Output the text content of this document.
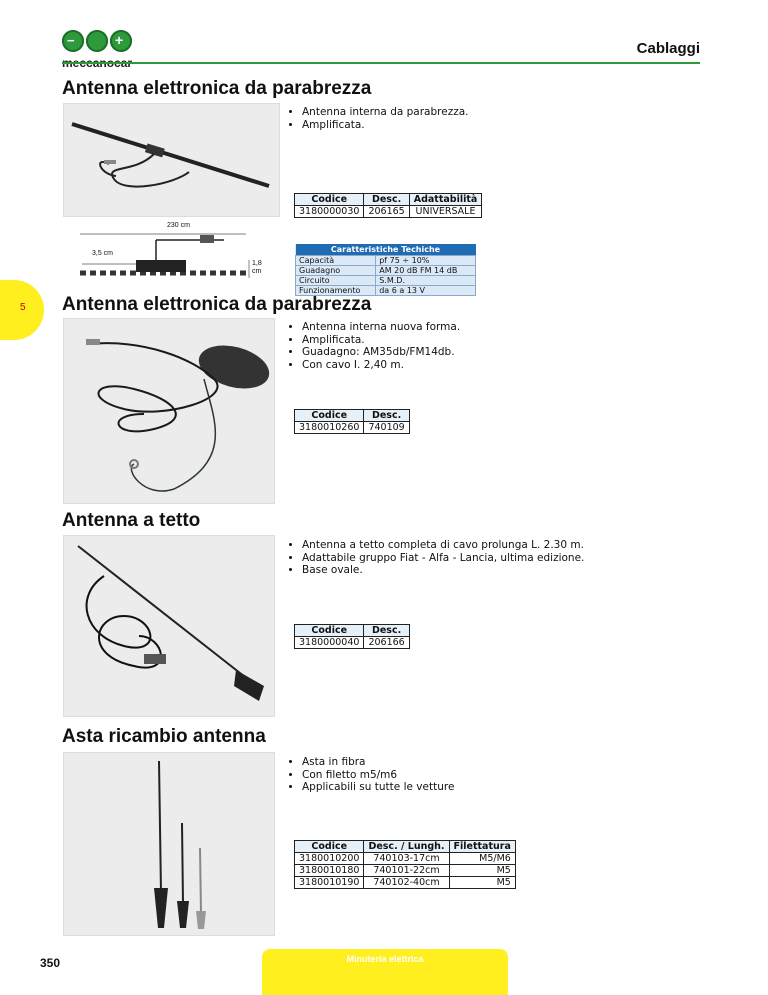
−	+	Cablaggi
5
Antenna elettronica da parabrezza
• Antenna interna da parabrezza.
• Amplificata.
Codice	Desc.	Adattabilità
3180000030	206165	UNIVERSALE
230 cm
3,5 cm
1,8
cm
Caratteristiche Techiche	
Capacità	pf 75 ÷ 10%
Guadagno	AM 20 dB FM 14 dB
Circuito	S.M.D.
Funzionamento	da 6 a 13 V
Antenna elettronica da parabrezza
• Antenna interna nuova forma.
• Amplificata.
• Guadagno: AM35db/FM14db.
• Con cavo I. 2,40 m.
Codice	Desc.
3180010260	740109
Antenna a tetto
• Antenna a tetto completa di cavo prolunga L. 2.30 m.
• Adattabile gruppo Fiat - Alfa - Lancia, ultima edizione.
• Base ovale.
Codice	Desc.
3180000040	206166
Asta ricambio antenna
• Asta in fibra
• Con filetto m5/m6
• Applicabili su tutte le vetture
Codice	Desc. / Lungh.	Filettatura
3180010200	740103-17cm	M5/M6
3180010180	740101-22cm	M5
3180010190	740102-40cm	M5
350	Minuteria elettrica
